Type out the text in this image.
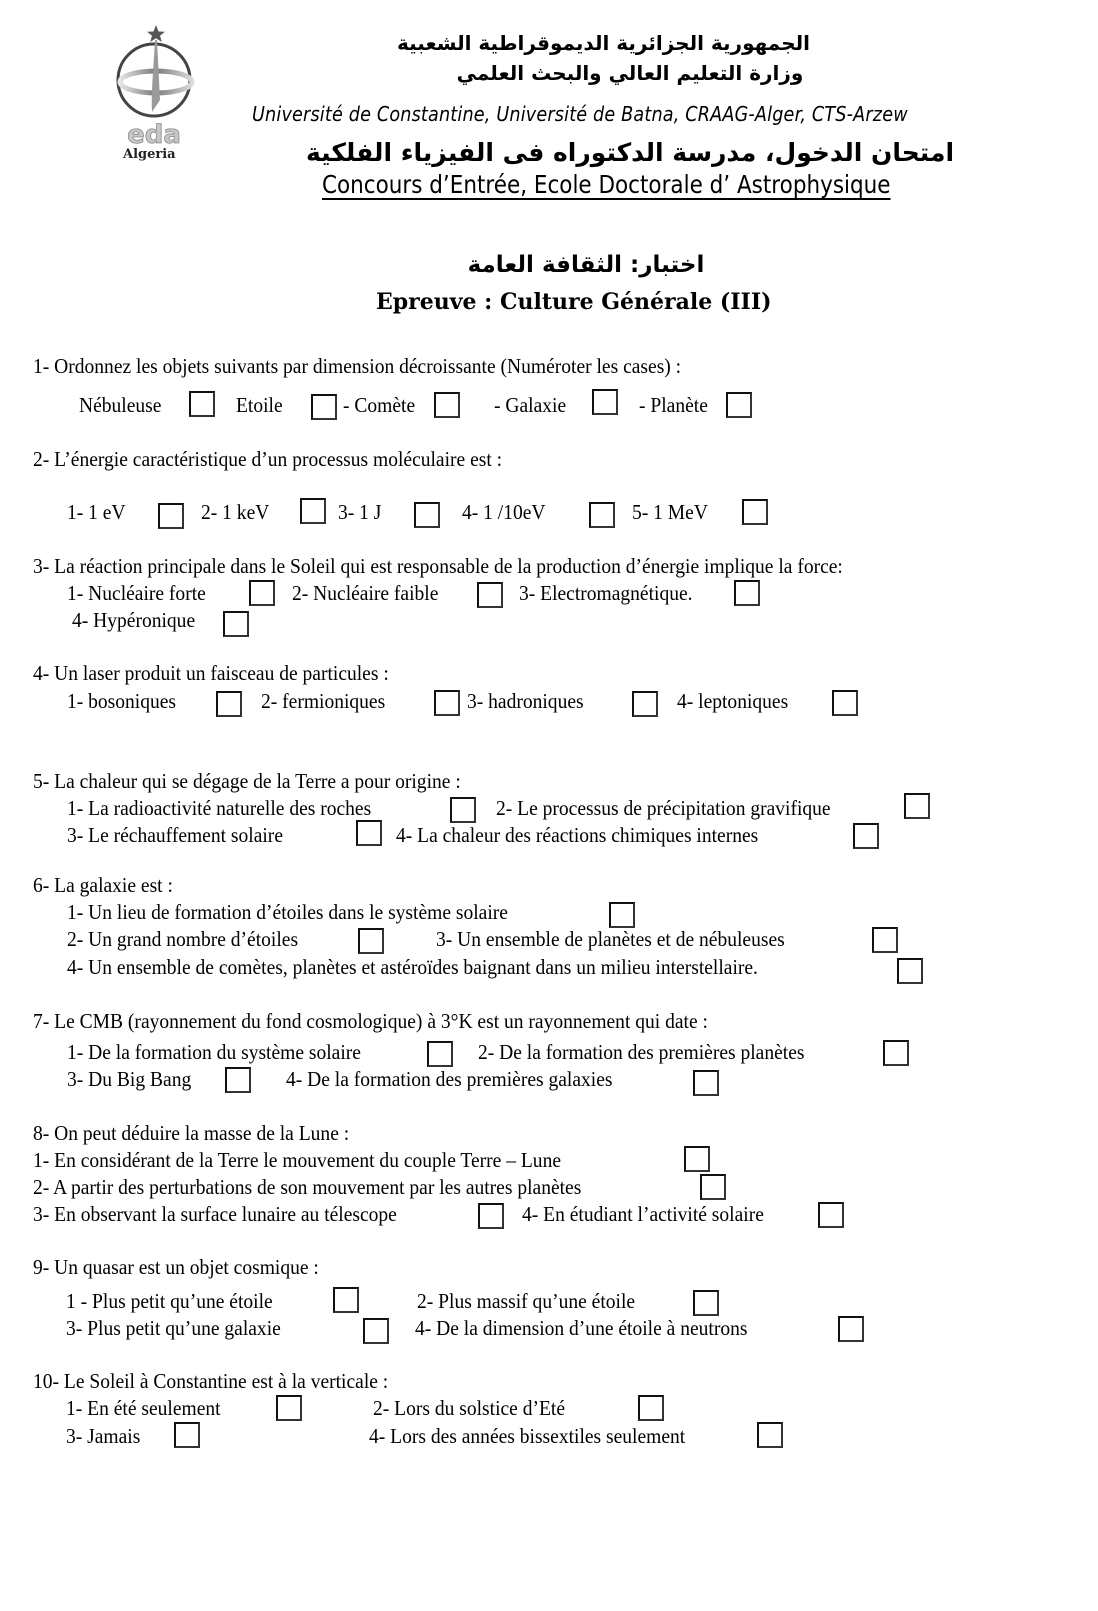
eda
Algeria
الجمهورية الجزائرية الديموقراطية الشعبية
وزارة التعليم العالي والبحث العلمي
Université de Constantine, Université de Batna, CRAAG-Alger, CTS-Arzew
امتحان الدخول، مدرسة الدكتوراه فى الفيزياء الفلكية
Concours d’Entrée, Ecole Doctorale d’ Astrophysique
اختبار: الثقافة العامة
Epreuve : Culture Générale (III)
1- Ordonnez les objets suivants par dimension décroissante (Numéroter les cases) :
Nébuleuse	Etoile	- Comète	- Galaxie	- Planète
2- L’énergie caractéristique d’un processus moléculaire est :
1- 1 eV	2- 1 keV	3- 1 J	4- 1 /10eV	5- 1 MeV
3- La réaction principale dans le Soleil qui est responsable de la production d’énergie implique la force:
1- Nucléaire forte	2- Nucléaire faible	3- Electromagnétique.
4- Hypéronique
4- Un laser produit un faisceau de particules :
1- bosoniques	2- fermioniques	3- hadroniques	4- leptoniques
5- La chaleur qui se dégage de la Terre a pour origine :
1- La radioactivité naturelle des roches	2- Le processus de précipitation gravifique
3- Le réchauffement solaire	4- La chaleur des réactions chimiques internes
6- La galaxie est :
1- Un lieu de formation d’étoiles dans le système solaire
2- Un grand nombre d’étoiles	3- Un ensemble de planètes et de nébuleuses
4- Un ensemble de comètes, planètes et astéroïdes baignant dans un milieu interstellaire.
7- Le CMB (rayonnement du fond cosmologique) à 3°K est un rayonnement qui date :
1- De la formation du système solaire	2- De la formation des premières planètes
3- Du Big Bang	4- De la formation des premières galaxies
8- On peut déduire la masse de la Lune :
1- En considérant de la Terre le mouvement du couple Terre – Lune
2- A partir des perturbations de son mouvement par les autres planètes
3- En observant la surface lunaire au télescope	4- En étudiant l’activité solaire
9- Un quasar est un objet cosmique :
1 - Plus petit qu’une étoile	2- Plus massif qu’une étoile
3- Plus petit qu’une galaxie	4- De la dimension d’une étoile à neutrons
10- Le Soleil à Constantine est à la verticale :
1- En été seulement	2- Lors du solstice d’Eté
3- Jamais	4- Lors des années bissextiles seulement
